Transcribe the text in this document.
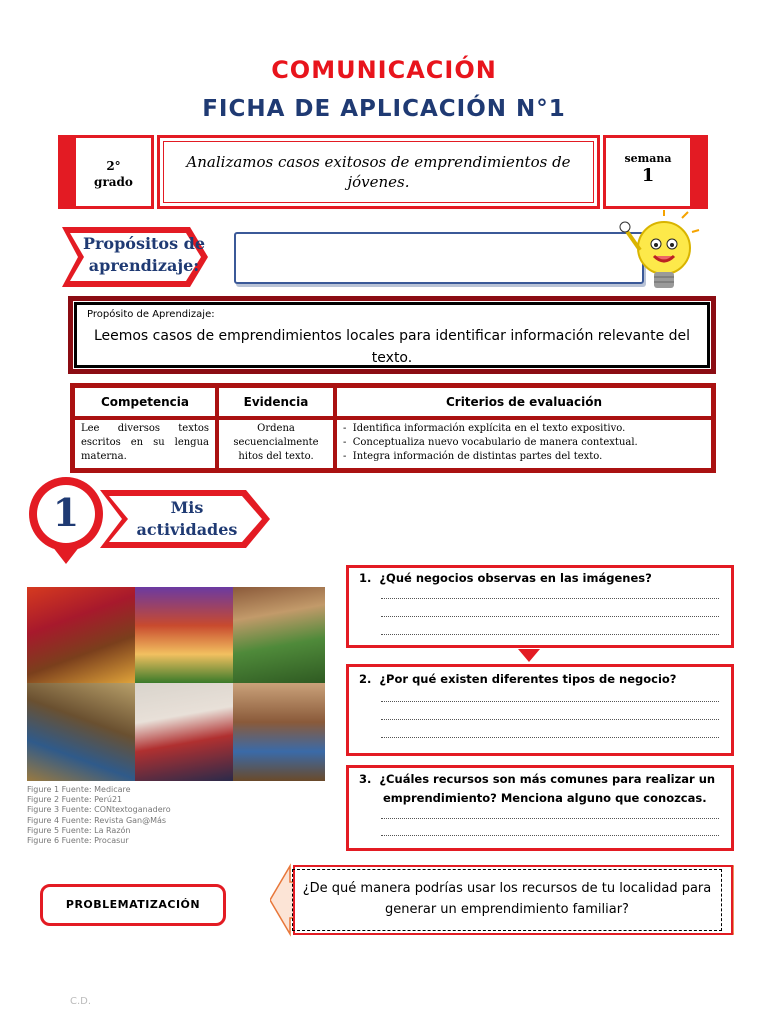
COMUNICACIÓN
FICHA DE APLICACIÓN N°1
2°
grado
Analizamos casos exitosos de emprendimientos de jóvenes.
semana
1
Propósitos de
aprendizaje:
Propósito de Aprendizaje:
Leemos casos de emprendimientos locales para identificar información relevante del texto.
Competencia	Evidencia	Criterios de evaluación
Lee diversos textos escritos en su lengua materna.	Ordena secuencialmente hitos del texto.	-  Identifica información explícita en el texto expositivo.
-  Conceptualiza nuevo vocabulario de manera contextual.
-  Integra información de distintas partes del texto.
1	Mis
actividades
Figure 1 Fuente: Medicare
Figure 2 Fuente: Perú21
Figure 3 Fuente: CONtextoganadero
Figure 4 Fuente: Revista Gan@Más
Figure 5 Fuente: La Razón
Figure 6 Fuente: Procasur
1. ¿Qué negocios observas en las imágenes?
2. ¿Por qué existen diferentes tipos de negocio?
3. ¿Cuáles recursos son más comunes para realizar un emprendimiento? Menciona alguno que conozcas.
PROBLEMATIZACIÓN
¿De qué manera podrías usar los recursos de tu localidad para generar un emprendimiento familiar?
C.D.
